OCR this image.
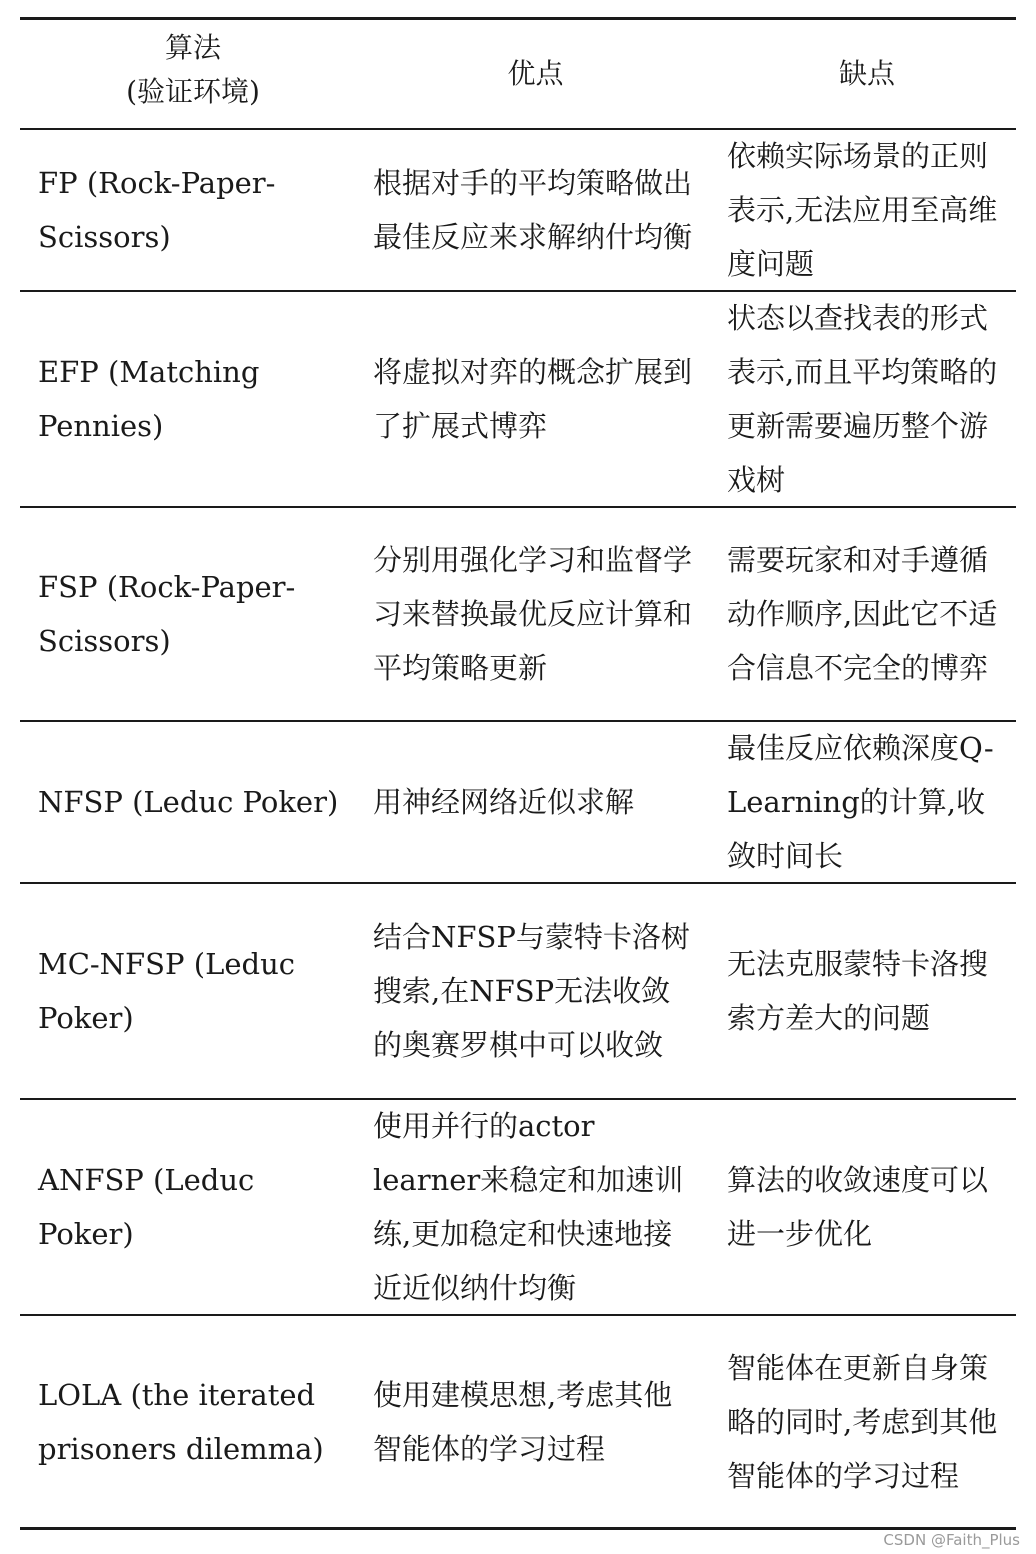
算法
(验证环境)
优点	缺点
FP (Rock-Paper-Scissors)
根据对手的平均策略做出最佳反应来求解纳什均衡
依赖实际场景的正则表示,无法应用至高维度问题
EFP (Matching Pennies)
将虚拟对弈的概念扩展到了扩展式博弈
状态以查找表的形式表示,而且平均策略的更新需要遍历整个游戏树
FSP (Rock-Paper-Scissors)
分别用强化学习和监督学习来替换最优反应计算和平均策略更新
需要玩家和对手遵循动作顺序,因此它不适合信息不完全的博弈
NFSP (Leduc Poker) 用神经网络近似求解
最佳反应依赖深度Q-Learning的计算,收敛时间长
MC-NFSP (Leduc Poker)
结合NFSP与蒙特卡洛树搜索,在NFSP无法收敛的奥赛罗棋中可以收敛
无法克服蒙特卡洛搜索方差大的问题
ANFSP (Leduc Poker)
使用并行的actor learner来稳定和加速训练,更加稳定和快速地接近近似纳什均衡
算法的收敛速度可以进一步优化
LOLA (the iterated prisoners dilemma)
使用建模思想,考虑其他智能体的学习过程
智能体在更新自身策略的同时,考虑到其他智能体的学习过程
CSDN @Faith_Plus
